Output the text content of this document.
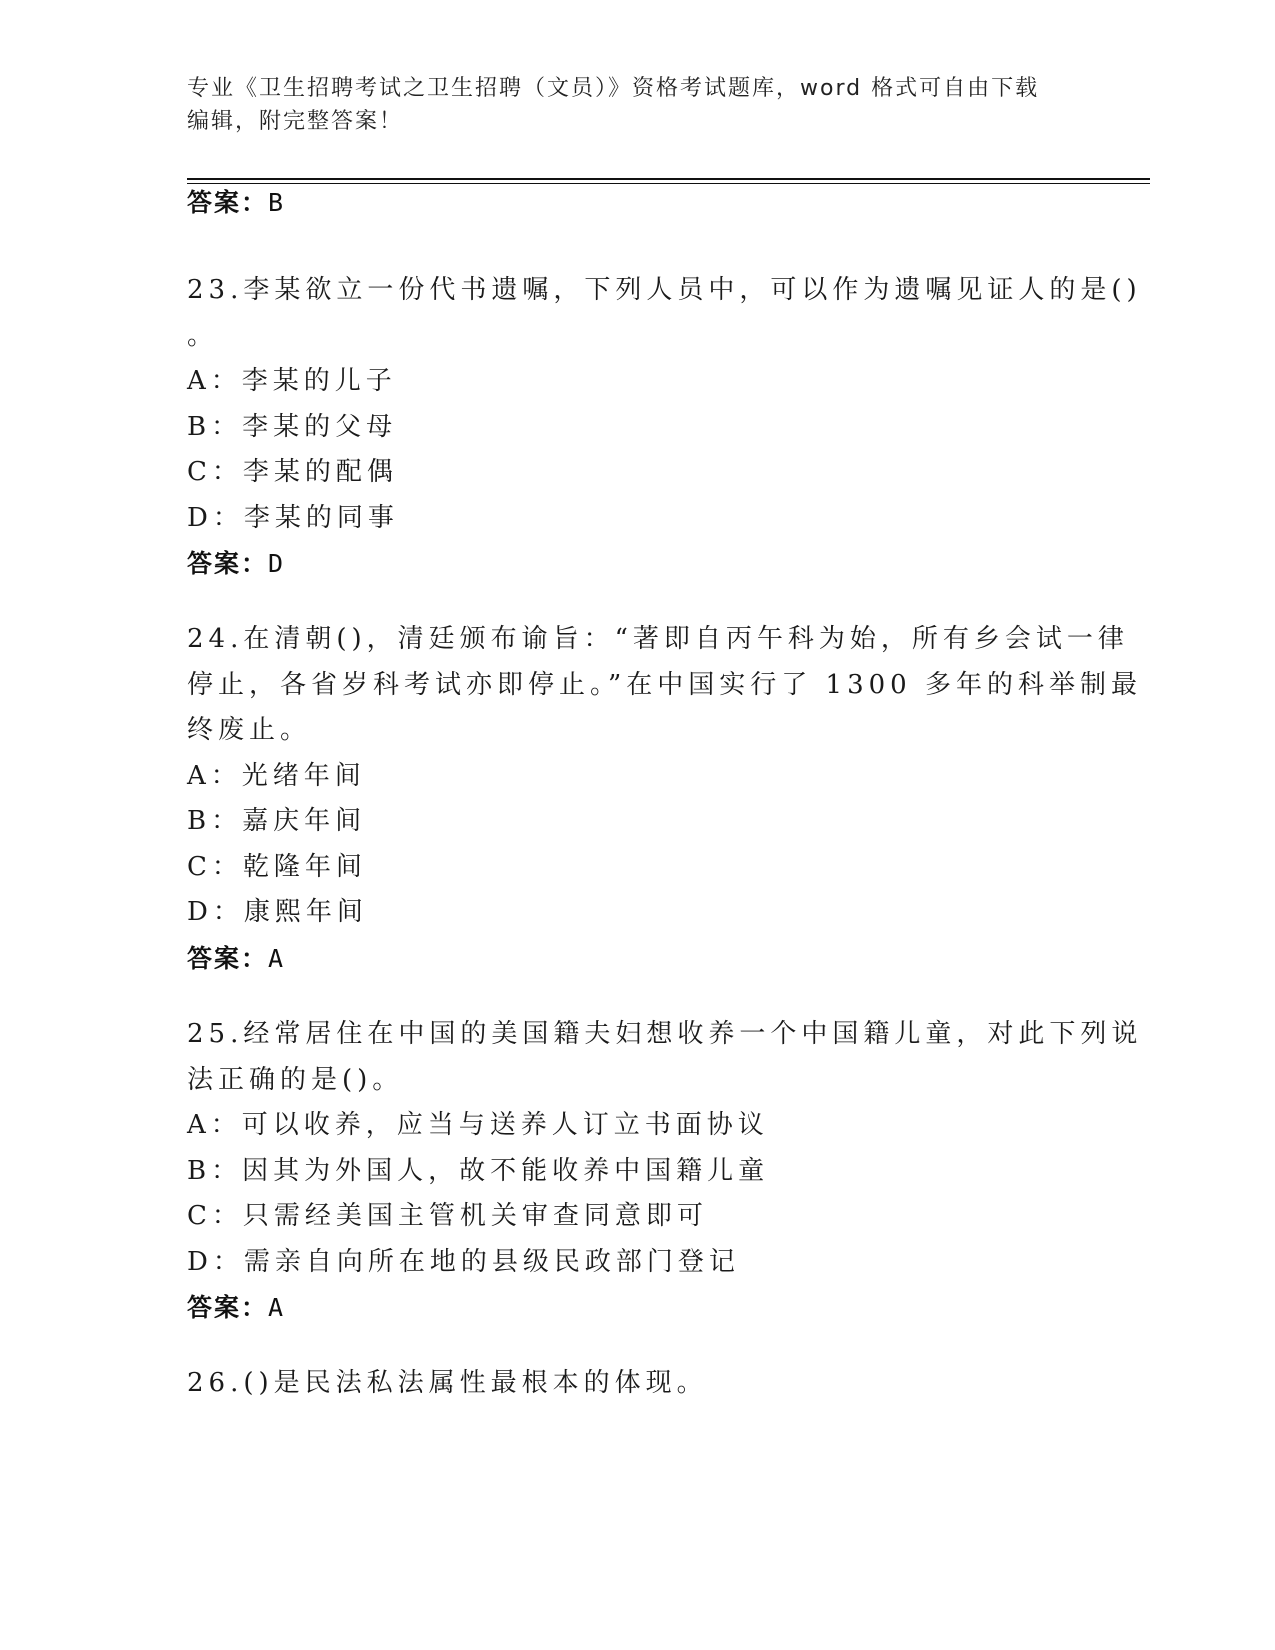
专业《卫生招聘考试之卫生招聘（文员）》资格考试题库，word 格式可自由下载
编辑，附完整答案！
答案：B
23.李某欲立一份代书遗嘱，下列人员中，可以作为遗嘱见证人的是()
。
A：李某的儿子
B：李某的父母
C：李某的配偶
D：李某的同事
答案：D
24.在清朝()，清廷颁布谕旨：“著即自丙午科为始，所有乡会试一律
停止，各省岁科考试亦即停止。”在中国实行了 1300 多年的科举制最
终废止。
A：光绪年间
B：嘉庆年间
C：乾隆年间
D：康熙年间
答案：A
25.经常居住在中国的美国籍夫妇想收养一个中国籍儿童，对此下列说
法正确的是()。
A：可以收养，应当与送养人订立书面协议
B：因其为外国人，故不能收养中国籍儿童
C：只需经美国主管机关审查同意即可
D：需亲自向所在地的县级民政部门登记
答案：A
26.()是民法私法属性最根本的体现。
